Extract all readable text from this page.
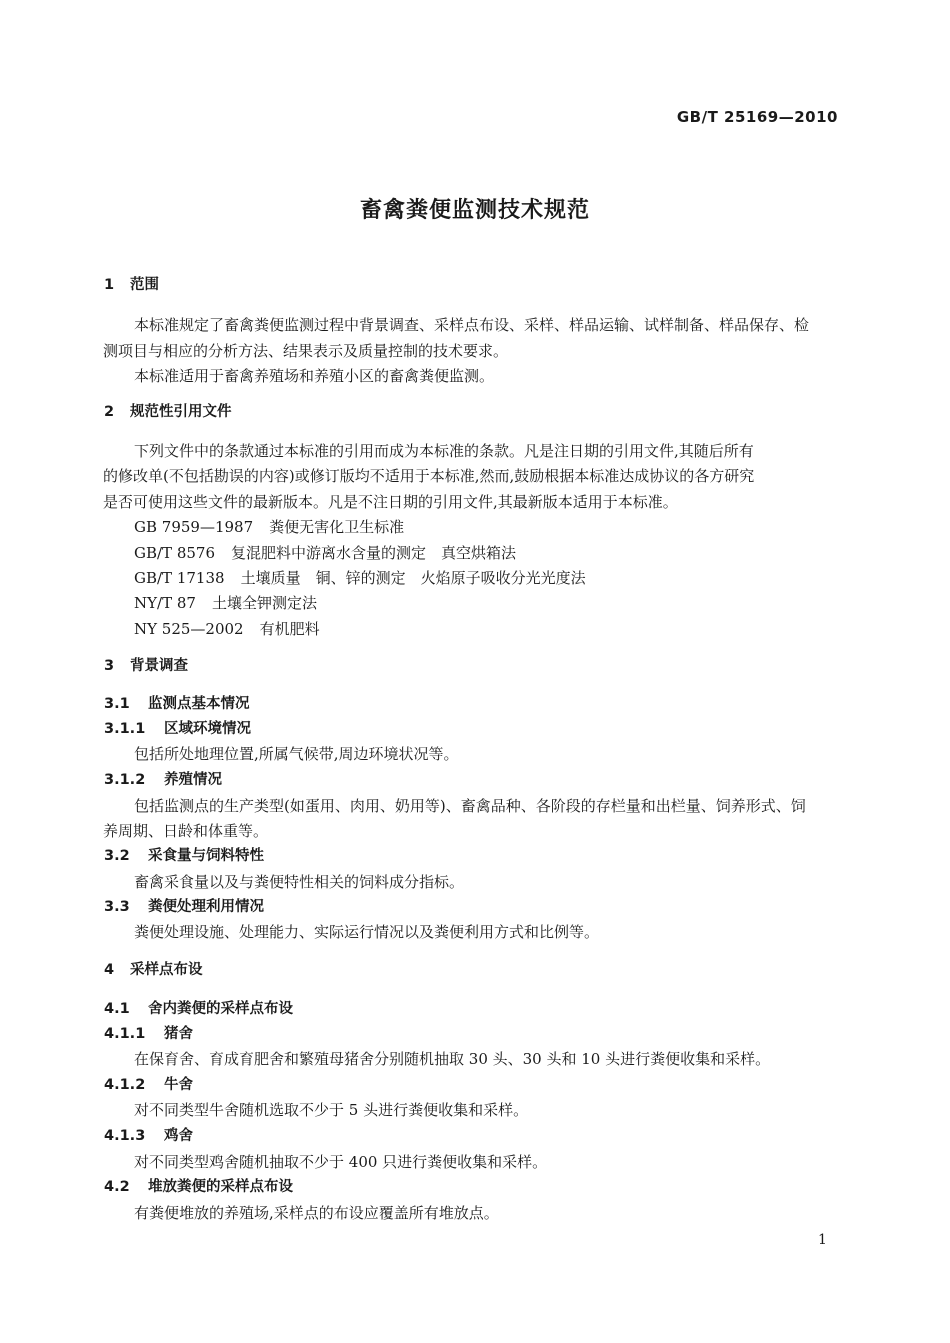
GB/T 25169—2010
畜禽粪便监测技术规范
1 范围
本标准规定了畜禽粪便监测过程中背景调查、采样点布设、采样、样品运输、试样制备、样品保存、检
测项目与相应的分析方法、结果表示及质量控制的技术要求。
本标准适用于畜禽养殖场和养殖小区的畜禽粪便监测。
2 规范性引用文件
下列文件中的条款通过本标准的引用而成为本标准的条款。凡是注日期的引用文件,其随后所有
的修改单(不包括勘误的内容)或修订版均不适用于本标准,然而,鼓励根据本标准达成协议的各方研究
是否可使用这些文件的最新版本。凡是不注日期的引用文件,其最新版本适用于本标准。
GB 7959—1987 粪便无害化卫生标准
GB/T 8576 复混肥料中游离水含量的测定　真空烘箱法
GB/T 17138 土壤质量　铜、锌的测定　火焰原子吸收分光光度法
NY/T 87 土壤全钾测定法
NY 525—2002 有机肥料
3 背景调查
3.1 监测点基本情况
3.1.1 区域环境情况
包括所处地理位置,所属气候带,周边环境状况等。
3.1.2 养殖情况
包括监测点的生产类型(如蛋用、肉用、奶用等)、畜禽品种、各阶段的存栏量和出栏量、饲养形式、饲
养周期、日龄和体重等。
3.2 采食量与饲料特性
畜禽采食量以及与粪便特性相关的饲料成分指标。
3.3 粪便处理利用情况
粪便处理设施、处理能力、实际运行情况以及粪便利用方式和比例等。
4 采样点布设
4.1 舍内粪便的采样点布设
4.1.1 猪舍
在保育舍、育成育肥舍和繁殖母猪舍分别随机抽取 30 头、30 头和 10 头进行粪便收集和采样。
4.1.2 牛舍
对不同类型牛舍随机选取不少于 5 头进行粪便收集和采样。
4.1.3 鸡舍
对不同类型鸡舍随机抽取不少于 400 只进行粪便收集和采样。
4.2 堆放粪便的采样点布设
有粪便堆放的养殖场,采样点的布设应覆盖所有堆放点。
1
